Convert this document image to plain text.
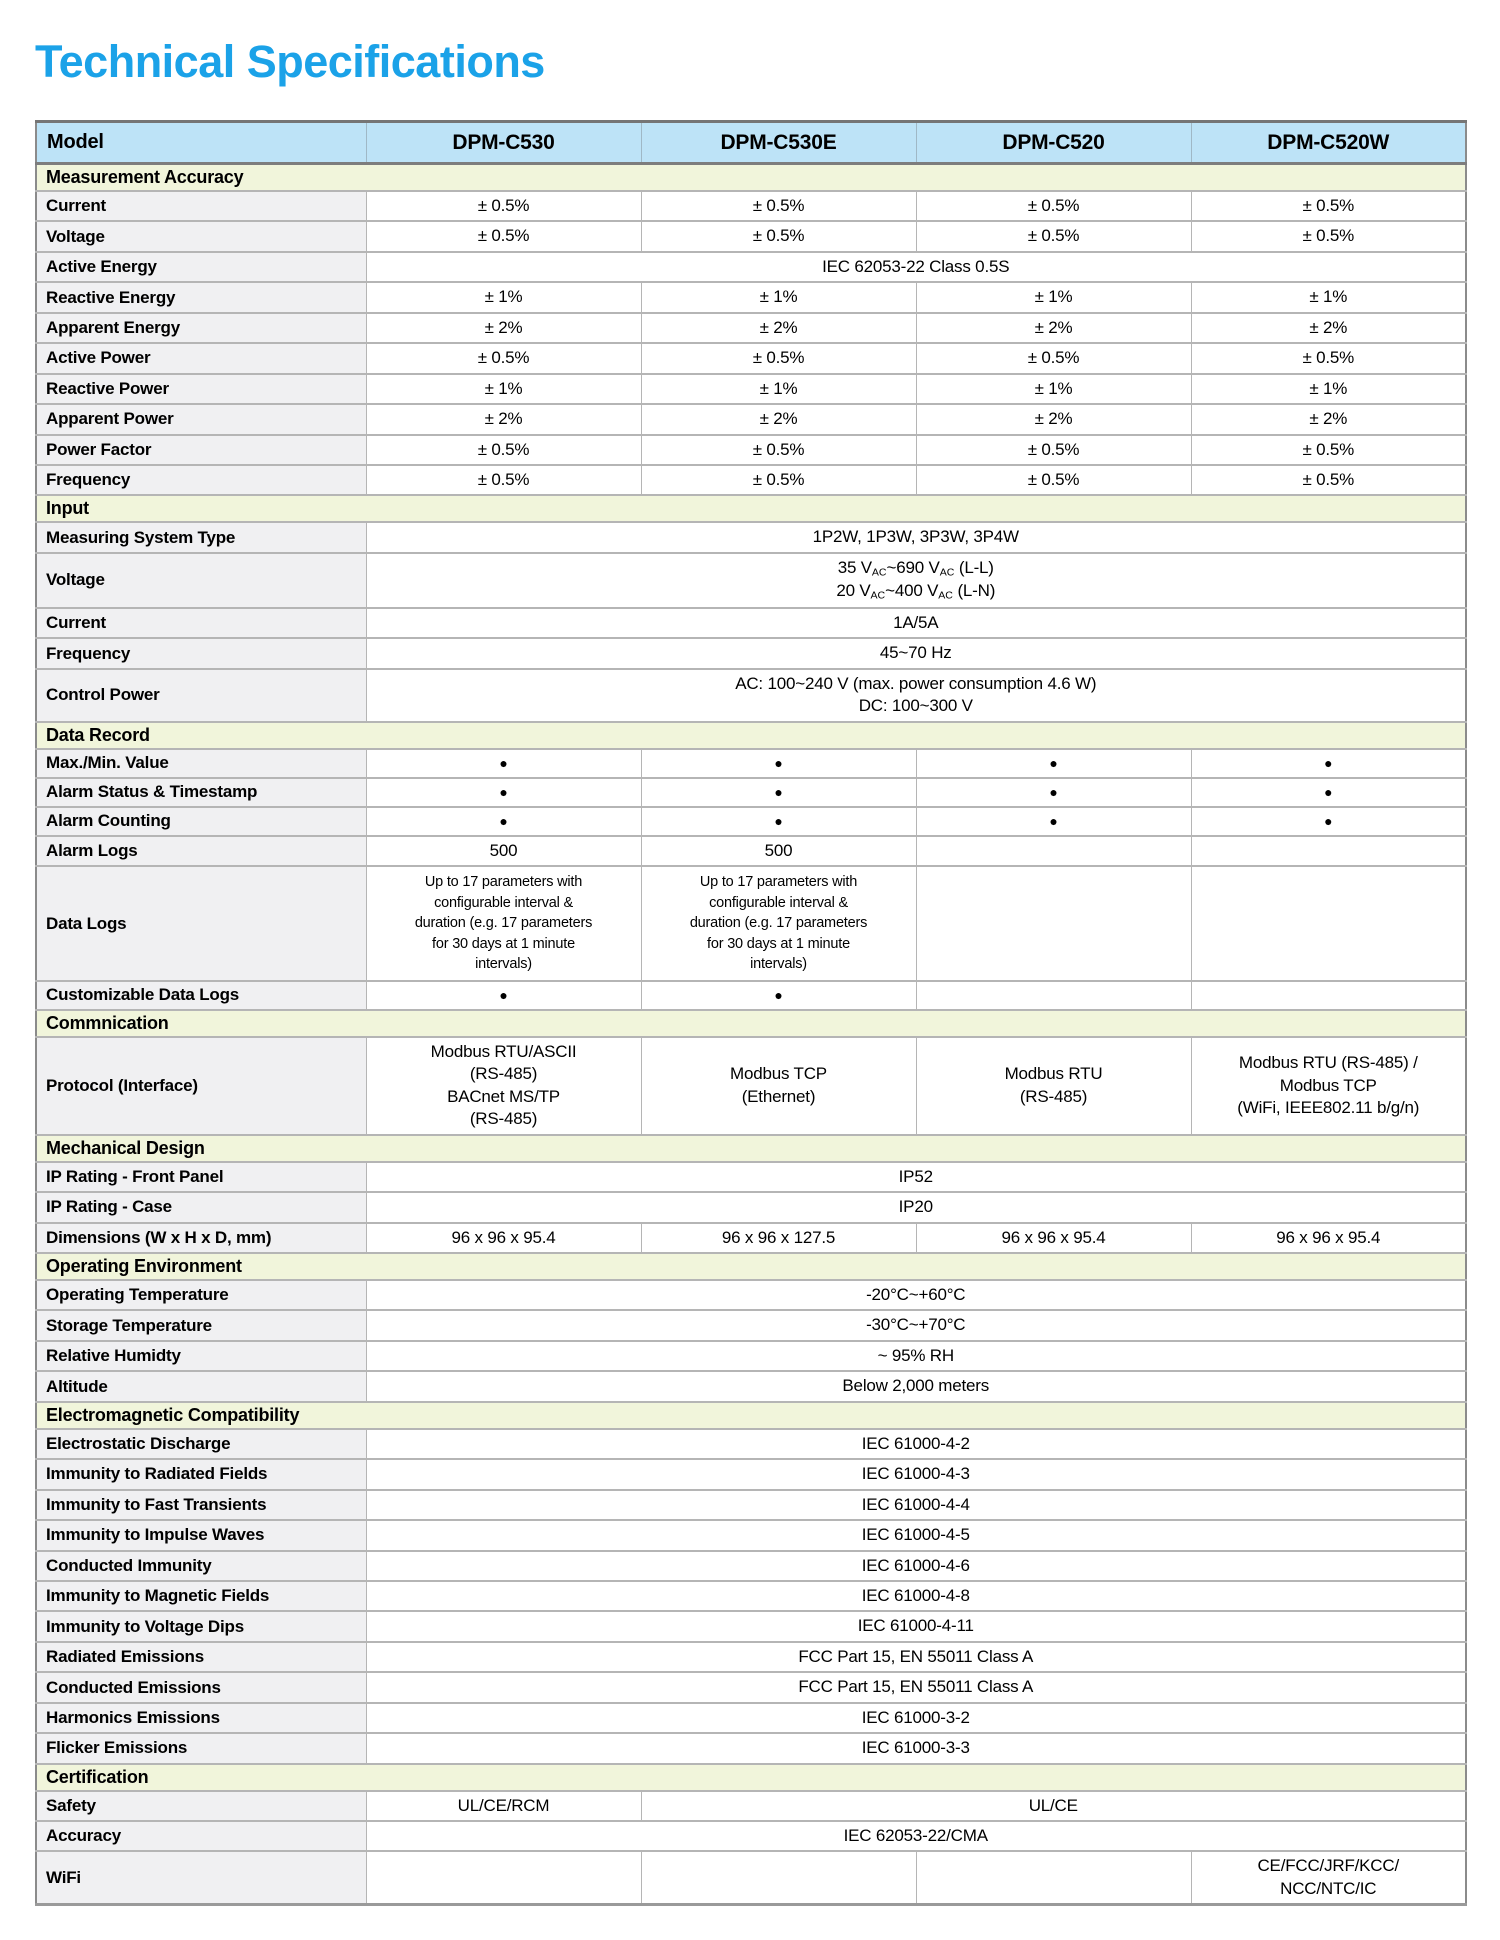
Technical Specifications
Model	DPM-C530	DPM-C530E	DPM-C520	DPM-C520W
Measurement Accuracy				
Current	± 0.5%	± 0.5%	± 0.5%	± 0.5%
Voltage	± 0.5%	± 0.5%	± 0.5%	± 0.5%
Active Energy	IEC 62053-22 Class 0.5S			
Reactive Energy	± 1%	± 1%	± 1%	± 1%
Apparent Energy	± 2%	± 2%	± 2%	± 2%
Active Power	± 0.5%	± 0.5%	± 0.5%	± 0.5%
Reactive Power	± 1%	± 1%	± 1%	± 1%
Apparent Power	± 2%	± 2%	± 2%	± 2%
Power Factor	± 0.5%	± 0.5%	± 0.5%	± 0.5%
Frequency	± 0.5%	± 0.5%	± 0.5%	± 0.5%
Input				
Measuring System Type	1P2W, 1P3W, 3P3W, 3P4W			
Voltage	35 $V_{AC}\sim 690$ $V_{AC}$ (L-L)
20 $V_{AC}\sim 400$ $V_{AC}$ (L-N)			
Current	1A/5A			
Frequency	45~70 Hz			
Control Power	AC: 100~240 V (max. power consumption 4.6 W)
DC: 100~300 V			
Data Record				
Max./Min. Value	●	●	●	●
Alarm Status & Timestamp	●	●	●	●
Alarm Counting	●	●	●	●
Alarm Logs	500	500		
Data Logs	Up to 17 parameters with
configurable interval &
duration (e.g. 17 parameters
for 30 days at 1 minute
intervals)	Up to 17 parameters with
configurable interval &
duration (e.g. 17 parameters
for 30 days at 1 minute
intervals)		
Customizable Data Logs	●	●		
Commnication				
Protocol (Interface)	Modbus RTU/ASCII
(RS-485)
BACnet MS/TP
(RS-485)	Modbus TCP
(Ethernet)	Modbus RTU
(RS-485)	Modbus RTU (RS-485) /
Modbus TCP
(WiFi, IEEE802.11 b/g/n)
Mechanical Design				
IP Rating - Front Panel	IP52			
IP Rating - Case	IP20			
Dimensions (W x H x D, mm)	96 x 96 x 95.4	96 x 96 x 127.5	96 x 96 x 95.4	96 x 96 x 95.4
Operating Environment				
Operating Temperature	-20°C~+60°C			
Storage Temperature	-30°C~+70°C			
Relative Humidty	~ 95% RH			
Altitude	Below 2,000 meters			
Electromagnetic Compatibility				
Electrostatic Discharge	IEC 61000-4-2			
Immunity to Radiated Fields	IEC 61000-4-3			
Immunity to Fast Transients	IEC 61000-4-4			
Immunity to Impulse Waves	IEC 61000-4-5			
Conducted Immunity	IEC 61000-4-6			
Immunity to Magnetic Fields	IEC 61000-4-8			
Immunity to Voltage Dips	IEC 61000-4-11			
Radiated Emissions	FCC Part 15, EN 55011 Class A			
Conducted Emissions	FCC Part 15, EN 55011 Class A			
Harmonics Emissions	IEC 61000-3-2			
Flicker Emissions	IEC 61000-3-3			
Certification				
Safety	UL/CE/RCM	UL/CE		
Accuracy	IEC 62053-22/CMA			
WiFi				CE/FCC/JRF/KCC/
NCC/NTC/IC
